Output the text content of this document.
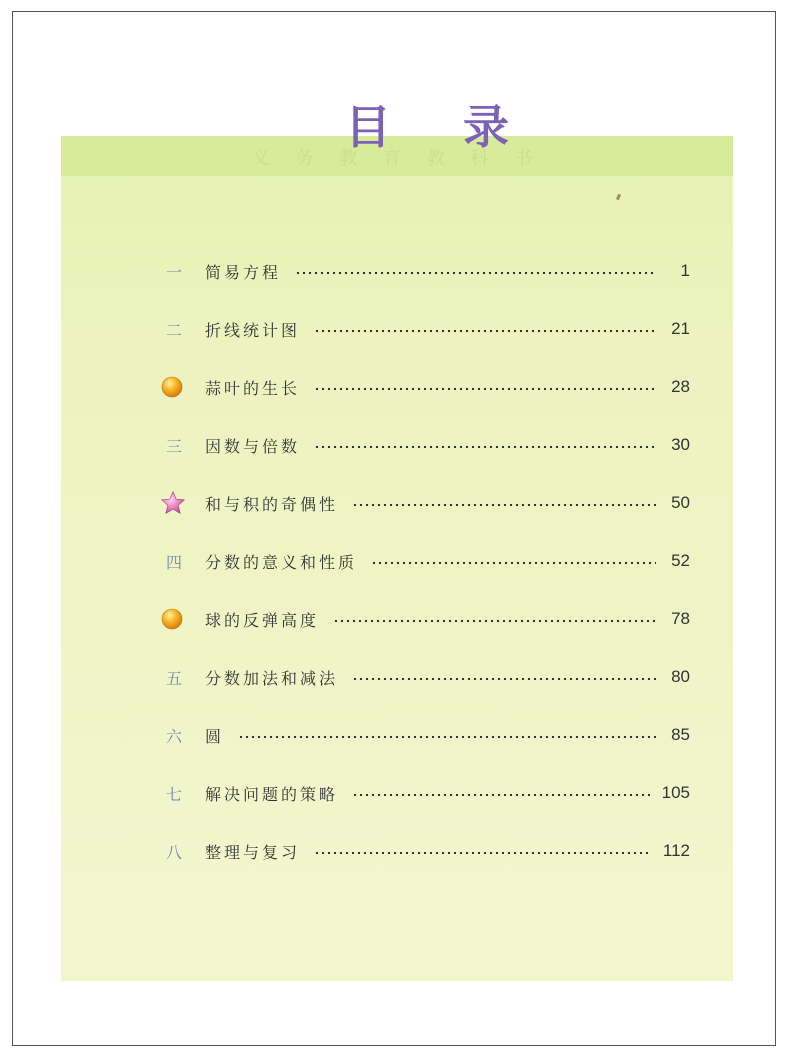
义 务 教 育 教 科 书
目 录
一 简易方程	1
二 折线统计图	21
蒜叶的生长	28
三 因数与倍数	30
和与积的奇偶性	50
四 分数的意义和性质	52
球的反弹高度	78
五 分数加法和减法	80
六 圆	85
七 解决问题的策略	105
八 整理与复习	112
